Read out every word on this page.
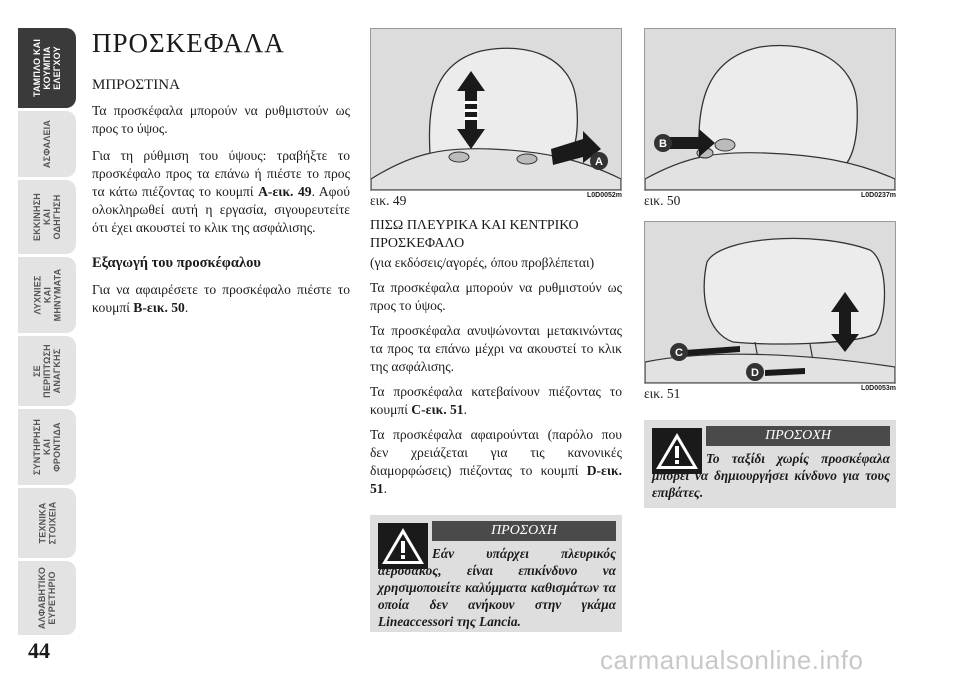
ΤΑΜΠΛΟ ΚΑΙ
ΚΟΥΜΠΙΑ
ΕΛΕΓΧΟΥ
ΑΣΦΑΛΕΙΑ
ΕΚΚΙΝΗΣΗ
ΚΑΙ
ΟΔΗΓΗΣΗ
ΛΥΧΝΙΕΣ
ΚΑΙ
ΜΗΝΥΜΑΤΑ
ΣΕ
ΠΕΡΙΠΤΩΣΗ
ΑΝΑΓΚΗΣ
ΣΥΝΤΗΡΗΣΗ
ΚΑΙ
ΦΡΟΝΤΙΔΑ
ΤΕΧΝΙΚΑ
ΣΤΟΙΧΕΙΑ
ΑΛΦΑΒΗΤΙΚΟ
ΕΥΡΕΤΗΡΙΟ
44
ΠΡΟΣΚΕΦΑΛΑ
ΜΠΡΟΣΤΙΝΑ

Τα προσκέφαλα μπορούν να ρυθμιστούν ως προς το ύψος.

Για τη ρύθμιση του ύψους: τραβήξτε το προσκέφαλο προς τα επάνω ή πιέστε το προς τα κάτω πιέζοντας το κουμπί A-εικ. 49. Αφού ολοκληρωθεί αυτή η εργασία, σιγουρευτείτε ότι έχει ακουστεί το κλικ της ασφάλισης.

Εξαγωγή του προσκέφαλου

Για να αφαιρέσετε το προσκέφαλο πιέστε το κουμπί B-εικ. 50.

A
εικ. 49	L0D0052m
ΠΙΣΩ ΠΛΕΥΡΙΚΑ ΚΑΙ ΚΕΝΤΡΙΚΟ ΠΡΟΣΚΕΦΑΛΟ

(για εκδόσεις/αγορές, όπου προβλέπεται)

Τα προσκέφαλα μπορούν να ρυθμιστούν ως προς το ύψος.

Τα προσκέφαλα ανυψώνονται μετακινώντας τα προς τα επάνω μέχρι να ακουστεί το κλικ της ασφάλισης.

Τα προσκέφαλα κατεβαίνουν πιέζοντας το κουμπί C-εικ. 51.

Τα προσκέφαλα αφαιρούνται (παρόλο που δεν χρειάζεται για τις κανονικές διαμορφώσεις) πιέζοντας το κουμπί D-εικ. 51.

ΠΡΟΣΟΧΗ
Εάν υπάρχει πλευρικός αερόσακος, είναι επικίνδυνο να χρησιμοποιείτε καλύμματα καθισμάτων τα οποία δεν ανήκουν στην γκάμα Lineaccessori της Lancia.
B
εικ. 50	L0D0237m
C
D
εικ. 51	L0D0053m
ΠΡΟΣΟΧΗ
Το ταξίδι χωρίς προσκέφαλα μπορεί να δημιουργήσει κίνδυνο για τους επιβάτες.
carmanualsonline.info
